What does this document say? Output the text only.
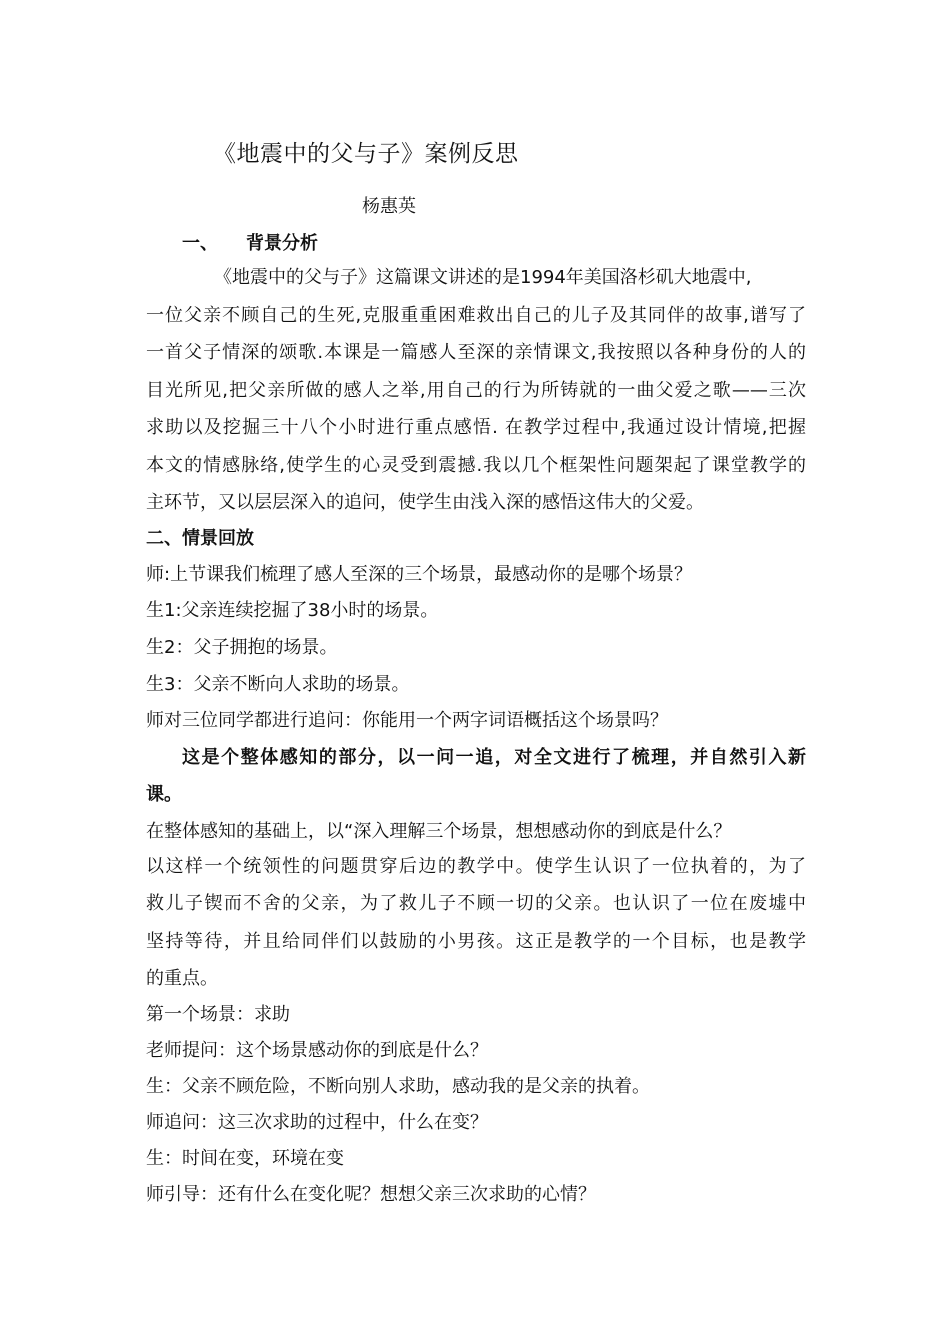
《地震中的父与子》案例反思
杨惠英
一、 背景分析
《地震中的父与子》这篇课文讲述的是1994年美国洛杉矶大地震中,
一位父亲不顾自己的生死,克服重重困难救出自己的儿子及其同伴的故事,谱写了
一首父子情深的颂歌.本课是一篇感人至深的亲情课文,我按照以各种身份的人的
目光所见,把父亲所做的感人之举,用自己的行为所铸就的一曲父爱之歌——三次
求助以及挖掘三十八个小时进行重点感悟. 在教学过程中,我通过设计情境,把握
本文的情感脉络,使学生的心灵受到震撼.我以几个框架性问题架起了课堂教学的
主环节，又以层层深入的追问，使学生由浅入深的感悟这伟大的父爱。
二、情景回放
师:上节课我们梳理了感人至深的三个场景，最感动你的是哪个场景？
生1:父亲连续挖掘了38小时的场景。
生2：父子拥抱的场景。
生3：父亲不断向人求助的场景。
师对三位同学都进行追问：你能用一个两字词语概括这个场景吗？
这是个整体感知的部分，以一问一追，对全文进行了梳理，并自然引入新
课。
在整体感知的基础上，以“深入理解三个场景，想想感动你的到底是什么？
以这样一个统领性的问题贯穿后边的教学中。使学生认识了一位执着的，为了
救儿子锲而不舍的父亲，为了救儿子不顾一切的父亲。也认识了一位在废墟中
坚持等待，并且给同伴们以鼓励的小男孩。这正是教学的一个目标，也是教学
的重点。
第一个场景：求助
老师提问：这个场景感动你的到底是什么？
生：父亲不顾危险，不断向别人求助，感动我的是父亲的执着。
师追问：这三次求助的过程中，什么在变？
生：时间在变，环境在变
师引导：还有什么在变化呢？想想父亲三次求助的心情？
